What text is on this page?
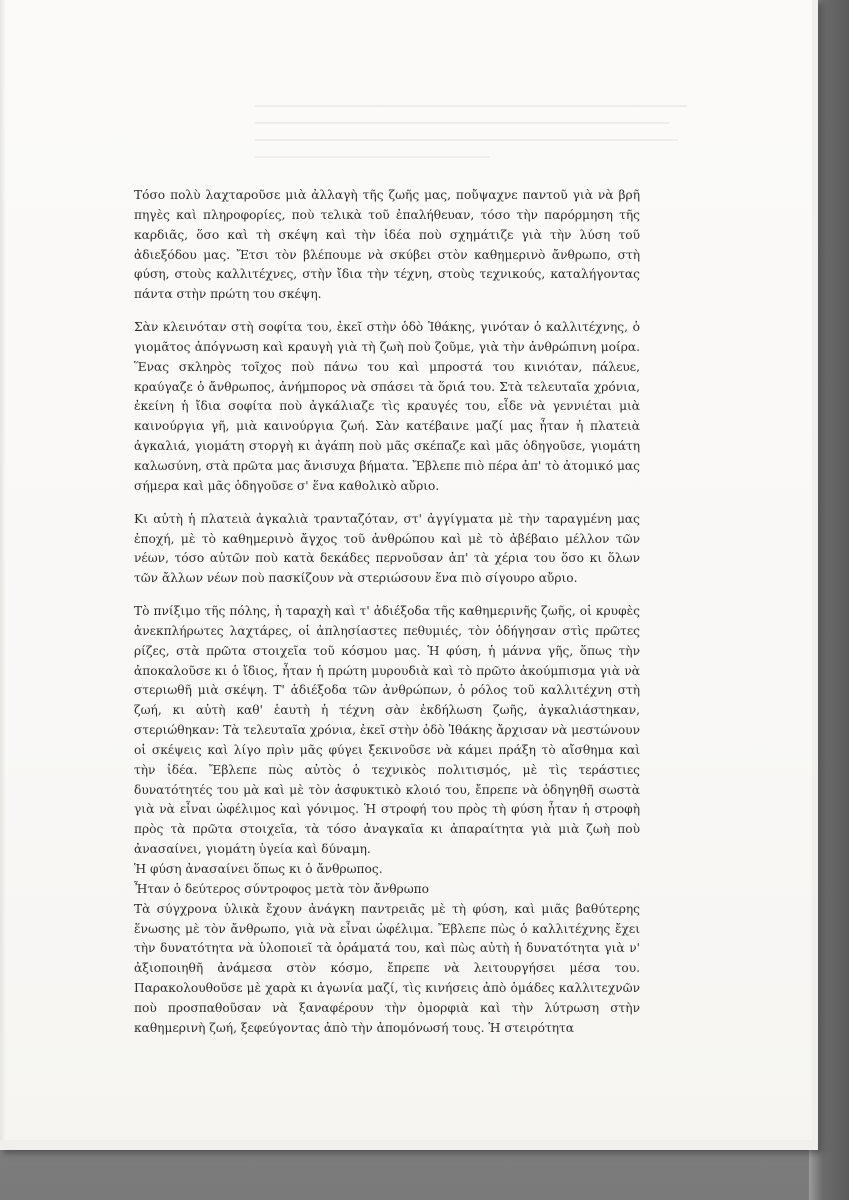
Τόσο πολὺ λαχταροῦσε μιὰ ἀλλαγὴ τῆς ζωῆς μας, ποὔψαχνε παντοῦ γιὰ νὰ βρῆ πηγὲς καὶ πληροφορίες, ποὺ τελικὰ τοῦ ἐπαλήθευαν, τόσο τὴν παρόρμηση τῆς καρδιᾶς, ὅσο καὶ τὴ σκέψη καὶ τὴν ἰδέα ποὺ σχημάτιζε γιὰ τὴν λύση τοῦ ἀδιεξόδου μας. Ἔτσι τὸν βλέπουμε νὰ σκύβει στὸν καθημερινὸ ἄνθρωπο, στὴ φύση, στοὺς καλλιτέχνες, στὴν ἴδια τὴν τέχνη, στοὺς τεχνικούς, καταλήγοντας πάντα στὴν πρώτη του σκέψη.

Σὰν κλεινόταν στὴ σοφίτα του, ἐκεῖ στὴν ὁδὸ Ἰθάκης, γινόταν ὁ καλλιτέχνης, ὁ γιομᾶτος ἀπόγνωση καὶ κραυγὴ γιὰ τὴ ζωὴ ποὺ ζοῦμε, γιὰ τὴν ἀνθρώπινη μοίρα. Ἕνας σκληρὸς τοῖχος ποὺ πάνω του καὶ μπροστά του κινιόταν, πάλευε, κραύγαζε ὁ ἄνθρωπος, ἀνήμπορος νὰ σπάσει τὰ ὅριά του. Στὰ τελευταῖα χρόνια, ἐκείνη ἡ ἴδια σοφίτα ποὺ ἀγκάλιαζε τὶς κραυγές του, εἶδε νὰ γεννιέται μιὰ καινούργια γῆ, μιὰ καινούργια ζωή. Σὰν κατέβαινε μαζί μας ἦταν ἡ πλατειὰ ἀγκαλιά, γιομάτη στοργὴ κι ἀγάπη ποὺ μᾶς σκέπαζε καὶ μᾶς ὁδηγοῦσε, γιομάτη καλωσύνη, στὰ πρῶτα μας ἄνισυχα βήματα. Ἔβλεπε πιὸ πέρα ἀπ' τὸ ἀτομικό μας σήμερα καὶ μᾶς ὁδηγοῦσε σ' ἕνα καθολικὸ αὔριο.

Κι αὐτὴ ἡ πλατειὰ ἀγκαλιὰ τρανταζόταν, στ' ἀγγίγματα μὲ τὴν ταραγμένη μας ἐποχή, μὲ τὸ καθημερινὸ ἄγχος τοῦ ἀνθρώπου καὶ μὲ τὸ ἀβέβαιο μέλλον τῶν νέων, τόσο αὐτῶν ποὺ κατὰ δεκάδες περνοῦσαν ἀπ' τὰ χέρια του ὅσο κι ὅλων τῶν ἄλλων νέων ποὺ πασκίζουν νὰ στεριώσουν ἕνα πιὸ σίγουρο αὔριο.

Τὸ πνίξιμο τῆς πόλης, ἡ ταραχὴ καὶ τ' ἀδιέξοδα τῆς καθημερινῆς ζωῆς, οἱ κρυφὲς ἀνεκπλήρωτες λαχτάρες, οἱ ἀπλησίαστες πεθυμιές, τὸν ὁδήγησαν στὶς πρῶτες ρίζες, στὰ πρῶτα στοιχεῖα τοῦ κόσμου μας. Ἡ φύση, ἡ μάννα γῆς, ὅπως τὴν ἀποκαλοῦσε κι ὁ ἴδιος, ἦταν ἡ πρώτη μυρουδιὰ καὶ τὸ πρῶτο ἀκούμπισμα γιὰ νὰ στεριωθῆ μιὰ σκέψη. Τ' ἀδιέξοδα τῶν ἀνθρώπων, ὁ ρόλος τοῦ καλλιτέχνη στὴ ζωή, κι αὐτὴ καθ' ἑαυτὴ ἡ τέχνη σὰν ἐκδήλωση ζωῆς, ἀγκαλιάστηκαν, στεριώθηκαν: Τὰ τελευταῖα χρόνια, ἐκεῖ στὴν ὁδὸ Ἰθάκης ἄρχισαν νὰ μεστώνουν οἱ σκέψεις καὶ λίγο πρὶν μᾶς φύγει ξεκινοῦσε νὰ κάμει πράξη τὸ αἴσθημα καὶ τὴν ἰδέα. Ἔβλεπε πὼς αὐτὸς ὁ τεχνικὸς πολιτισμός, μὲ τὶς τεράστιες δυνατότητές του μὰ καὶ μὲ τὸν ἀσφυκτικὸ κλοιό του, ἔπρεπε νὰ ὁδηγηθῆ σωστὰ γιὰ νὰ εἶναι ὠφέλιμος καὶ γόνιμος. Ἡ στροφή του πρὸς τὴ φύση ἦταν ἡ στροφὴ πρὸς τὰ πρῶτα στοιχεῖα, τὰ τόσο ἀναγκαῖα κι ἀπαραίτητα γιὰ μιὰ ζωὴ ποὺ ἀνασαίνει, γιομάτη ὑγεία καὶ δύναμη.

Ἡ φύση ἀνασαίνει ὅπως κι ὁ ἄνθρωπος.

Ἦταν ὁ δεύτερος σύντροφος μετὰ τὸν ἄνθρωπο

Τὰ σύγχρονα ὑλικὰ ἔχουν ἀνάγκη παντρειᾶς μὲ τὴ φύση, καὶ μιᾶς βαθύτερης ἕνωσης μὲ τὸν ἄνθρωπο, γιὰ νὰ εἶναι ὠφέλιμα. Ἔβλεπε πὼς ὁ καλλιτέχνης ἔχει τὴν δυνατότητα νὰ ὑλοποιεῖ τὰ ὁράματά του, καὶ πὼς αὐτὴ ἡ δυνατότητα γιὰ ν' ἀξιοποιηθῆ ἀνάμεσα στὸν κόσμο, ἔπρεπε νὰ λειτουργήσει μέσα του. Παρακολουθοῦσε μὲ χαρὰ κι ἀγωνία μαζί, τὶς κινήσεις ἀπὸ ὁμάδες καλλιτεχνῶν ποὺ προσπαθοῦσαν νὰ ξαναφέρουν τὴν ὀμορφιὰ καὶ τὴν λύτρωση στὴν καθημερινὴ ζωή, ξεφεύγοντας ἀπὸ τὴν ἀπομόνωσή τους. Ἡ στειρότητα
